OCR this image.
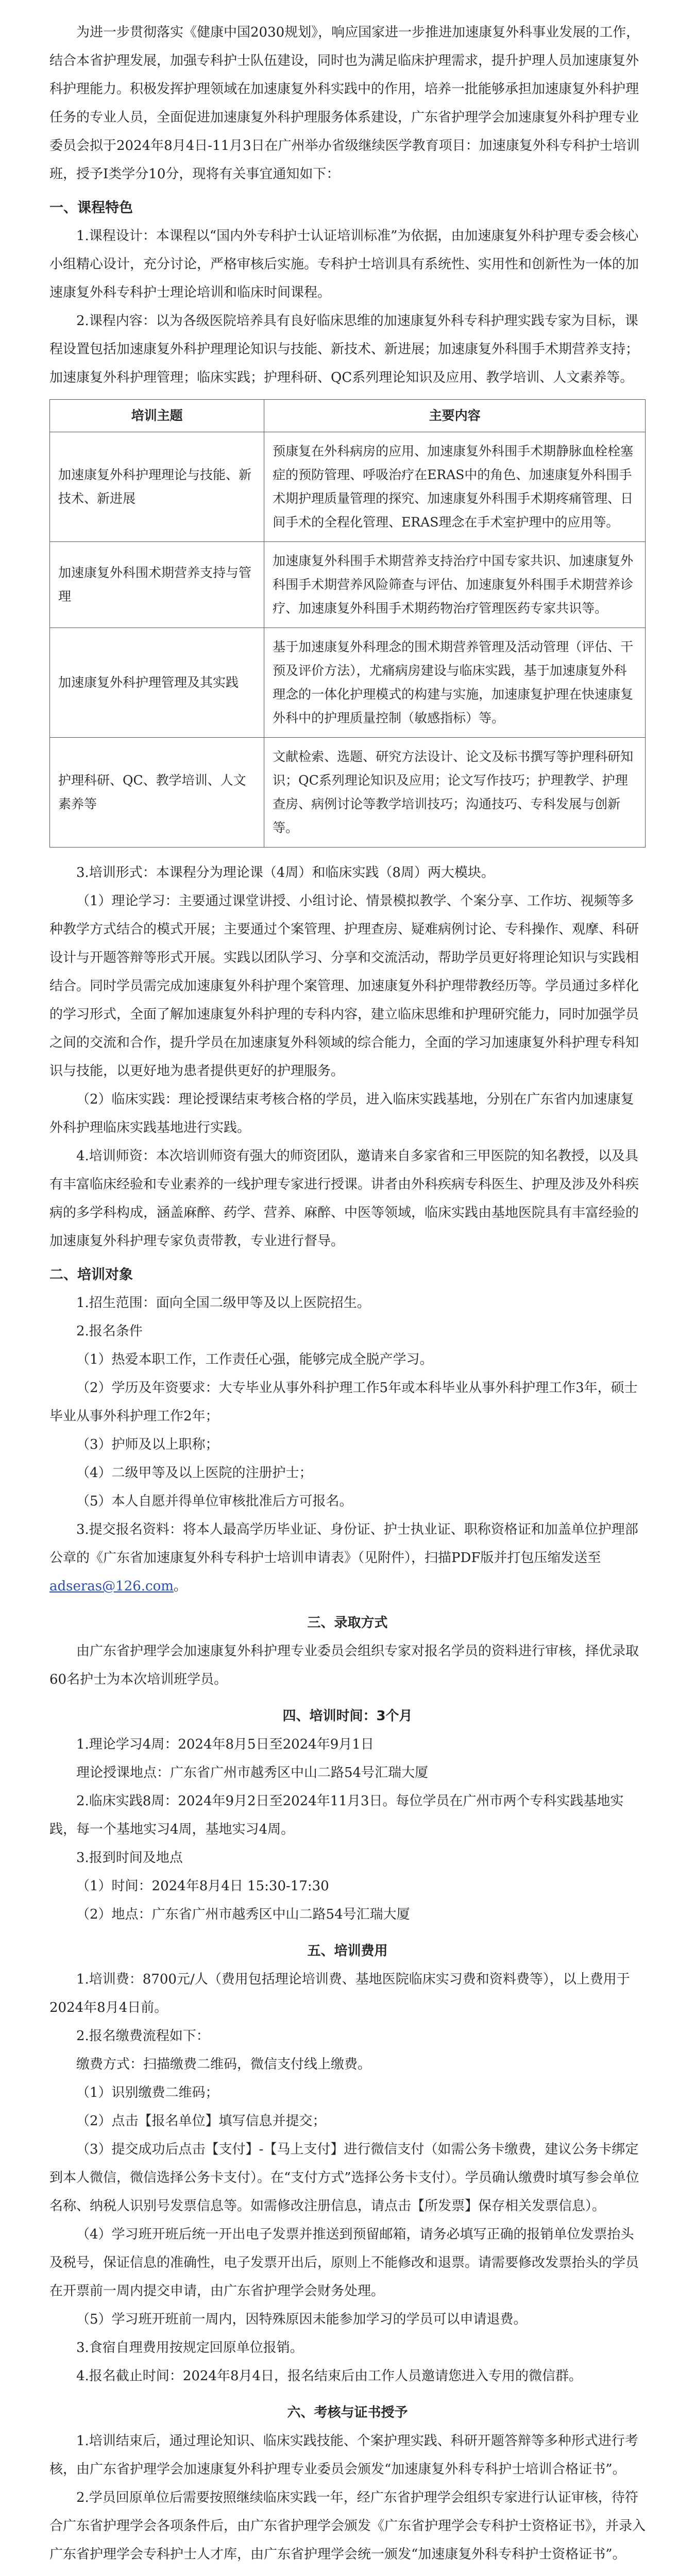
为进一步贯彻落实《健康中国2030规划》，响应国家进一步推进加速康复外科事业发展的工作，结合本省护理发展，加强专科护士队伍建设，同时也为满足临床护理需求，提升护理人员加速康复外科护理能力。积极发挥护理领域在加速康复外科实践中的作用，培养一批能够承担加速康复外科护理任务的专业人员，全面促进加速康复外科护理服务体系建设，广东省护理学会加速康复外科护理专业委员会拟于2024年8月4日-11月3日在广州举办省级继续医学教育项目：加速康复外科专科护士培训班，授予Ⅰ类学分10分，现将有关事宜通知如下：

一、课程特色

1.课程设计：本课程以“国内外专科护士认证培训标准”为依据，由加速康复外科护理专委会核心小组精心设计，充分讨论，严格审核后实施。专科护士培训具有系统性、实用性和创新性为一体的加速康复外科专科护士理论培训和临床时间课程。

2.课程内容：以为各级医院培养具有良好临床思维的加速康复外科专科护理实践专家为目标，课程设置包括加速康复外科护理理论知识与技能、新技术、新进展；加速康复外科围手术期营养支持；加速康复外科护理管理；临床实践；护理科研、QC系列理论知识及应用、教学培训、人文素养等。

培训主题	主要内容
加速康复外科护理理论与技能、新技术、新进展	预康复在外科病房的应用、加速康复外科围手术期静脉血栓栓塞症的预防管理、呼吸治疗在ERAS中的角色、加速康复外科围手术期护理质量管理的探究、加速康复外科围手术期疼痛管理、日间手术的全程化管理、ERAS理念在手术室护理中的应用等。
加速康复外科围术期营养支持与管理	加速康复外科围手术期营养支持治疗中国专家共识、加速康复外科围手术期营养风险筛查与评估、加速康复外科围手术期营养诊疗、加速康复外科围手术期药物治疗管理医药专家共识等。
加速康复外科护理管理及其实践	基于加速康复外科理念的围术期营养管理及活动管理（评估、干预及评价方法），尤痛病房建设与临床实践，基于加速康复外科理念的一体化护理模式的构建与实施，加速康复护理在快速康复外科中的护理质量控制（敏感指标）等。
护理科研、QC、教学培训、人文素养等	文献检索、选题、研究方法设计、论文及标书撰写等护理科研知识；QC系列理论知识及应用；论文写作技巧；护理教学、护理查房、病例讨论等教学培训技巧；沟通技巧、专科发展与创新等。

3.培训形式：本课程分为理论课（4周）和临床实践（8周）两大模块。

（1）理论学习：主要通过课堂讲授、小组讨论、情景模拟教学、个案分享、工作坊、视频等多种教学方式结合的模式开展；主要通过个案管理、护理查房、疑难病例讨论、专科操作、观摩、科研设计与开题答辩等形式开展。实践以团队学习、分享和交流活动，帮助学员更好将理论知识与实践相结合。同时学员需完成加速康复外科护理个案管理、加速康复外科护理带教经历等。学员通过多样化的学习形式，全面了解加速康复外科护理的专科内容，建立临床思维和护理研究能力，同时加强学员之间的交流和合作，提升学员在加速康复外科领域的综合能力，全面的学习加速康复外科护理专科知识与技能，以更好地为患者提供更好的护理服务。

（2）临床实践：理论授课结束考核合格的学员，进入临床实践基地，分别在广东省内加速康复外科护理临床实践基地进行实践。

4.培训师资：本次培训师资有强大的师资团队，邀请来自多家省和三甲医院的知名教授，以及具有丰富临床经验和专业素养的一线护理专家进行授课。讲者由外科疾病专科医生、护理及涉及外科疾病的多学科构成，涵盖麻醉、药学、营养、麻醉、中医等领域，临床实践由基地医院具有丰富经验的加速康复外科护理专家负责带教，专业进行督导。

二、培训对象

1.招生范围：面向全国二级甲等及以上医院招生。

2.报名条件

（1）热爱本职工作，工作责任心强，能够完成全脱产学习。

（2）学历及年资要求：大专毕业从事外科护理工作5年或本科毕业从事外科护理工作3年，硕士毕业从事外科护理工作2年；

（3）护师及以上职称；

（4）二级甲等及以上医院的注册护士；

（5）本人自愿并得单位审核批准后方可报名。

3.提交报名资料：将本人最高学历毕业证、身份证、护士执业证、职称资格证和加盖单位护理部公章的《广东省加速康复外科专科护士培训申请表》（见附件），扫描PDF版并打包压缩发送至adseras@126.com。

三、录取方式

由广东省护理学会加速康复外科护理专业委员会组织专家对报名学员的资料进行审核，择优录取60名护士为本次培训班学员。

四、培训时间：3个月

1.理论学习4周：2024年8月5日至2024年9月1日

理论授课地点：广东省广州市越秀区中山二路54号汇瑞大厦

2.临床实践8周：2024年9月2日至2024年11月3日。每位学员在广州市两个专科实践基地实践，每一个基地实习4周，基地实习4周。

3.报到时间及地点

（1）时间：2024年8月4日 15:30-17:30

（2）地点：广东省广州市越秀区中山二路54号汇瑞大厦

五、培训费用

1.培训费：8700元/人（费用包括理论培训费、基地医院临床实习费和资料费等），以上费用于2024年8月4日前。

2.报名缴费流程如下：

缴费方式：扫描缴费二维码，微信支付线上缴费。

（1）识别缴费二维码；

（2）点击【报名单位】填写信息并提交；

（3）提交成功后点击【支付】-【马上支付】进行微信支付（如需公务卡缴费，建议公务卡绑定到本人微信，微信选择公务卡支付）。在“支付方式”选择公务卡支付）。学员确认缴费时填写参会单位名称、纳税人识别号发票信息等。如需修改注册信息，请点击【所发票】保存相关发票信息）。

（4）学习班开班后统一开出电子发票并推送到预留邮箱，请务必填写正确的报销单位发票抬头及税号，保证信息的准确性，电子发票开出后，原则上不能修改和退票。请需要修改发票抬头的学员在开票前一周内提交申请，由广东省护理学会财务处理。

（5）学习班开班前一周内，因特殊原因未能参加学习的学员可以申请退费。

3.食宿自理费用按规定回原单位报销。

4.报名截止时间：2024年8月4日，报名结束后由工作人员邀请您进入专用的微信群。

六、考核与证书授予

1.培训结束后，通过理论知识、临床实践技能、个案护理实践、科研开题答辩等多种形式进行考核，由广东省护理学会加速康复外科护理专业委员会颁发“加速康复外科专科护士培训合格证书”。

2.学员回原单位后需要按照继续临床实践一年，经广东省护理学会组织专家进行认证审核，待符合广东省护理学会各项条件后，由广东省护理学会颁发《广东省护理学会专科护士资格证书》，并录入广东省护理学会专科护士人才库，由广东省护理学会统一颁发“加速康复外科专科护士资格证书”。
